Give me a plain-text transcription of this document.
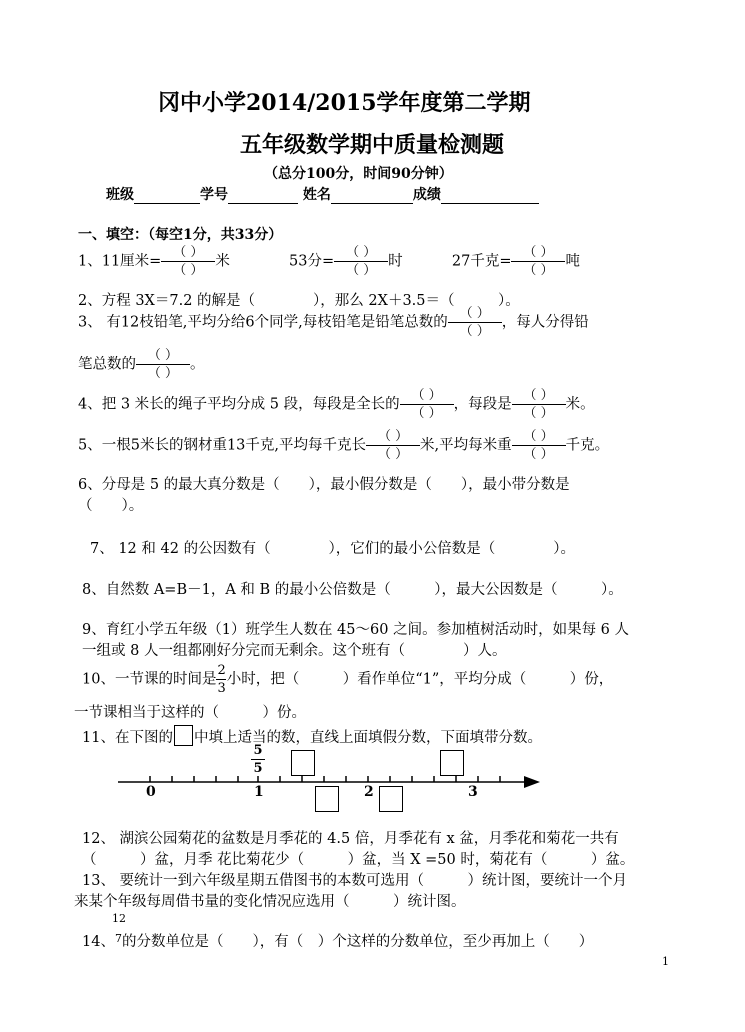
冈中小学2014/2015学年度第二学期
五年级数学期中质量检测题
（总分100分，时间90分钟）
班级	学号	姓名	成绩
一、填空：（每空1分，共33分）
1、11厘米= $\frac{( )}{( )}$ 米	53分= $\frac{( )}{( )}$ 时	27千克= $\frac{( )}{( )}$ 吨
2、方程 3X＝7.2 的解是（　　　　），那么 2X＋3.5＝（　　　）。
3、 有12枝铅笔,平均分给6个同学,每枝铅笔是铅笔总数的 $\frac{( )}{( )}$ ，每人分得铅
笔总数的 $\frac{( )}{( )}$ 。
4、把 3 米长的绳子平均分成 5 段，每段是全长的 $\frac{( )}{( )}$ ，每段是 $\frac{( )}{( )}$ 米。
5、一根5米长的钢材重13千克,平均每千克长 $\frac{( )}{( )}$ 米,平均每米重 $\frac{( )}{( )}$ 千克。
6、分母是 5 的最大真分数是（　　），最小假分数是（　　），最小带分数是
（　　）。
7、 12 和 42 的公因数有（　　　　），它们的最小公倍数是（　　　　）。
8、自然数 A=B－1，A 和 B 的最小公倍数是（　　　），最大公因数是（　　　）。
9、育红小学五年级（1）班学生人数在 45～60 之间。参加植树活动时，如果每 6 人
一组或 8 人一组都刚好分完而无剩余。这个班有（　　　　）人。
10、一节课的时间是 $\frac{2}{3}$ 小时，把（　　　）看作单位“1”，平均分成（　　　）份，
一节课相当于这样的（　　　）份。
11、在下图的 中填上适当的数，直线上面填假分数，下面填带分数。
0	1	2	3
5
5
12、 湖滨公园菊花的盆数是月季花的 4.5 倍，月季花有 x 盆，月季花和菊花一共有
（　　　）盆，月季 花比菊花少（　　　）盆，当 X =50 时，菊花有（　　　）盆。
13、 要统计一到六年级星期五借图书的本数可选用（　　　）统计图，要统计一个月
来某个年级每周借书量的变化情况应选用（　　　）统计图。
12
14、$^7$的分数单位是（　　），有（　）个这样的分数单位，至少再加上（　　）
1
